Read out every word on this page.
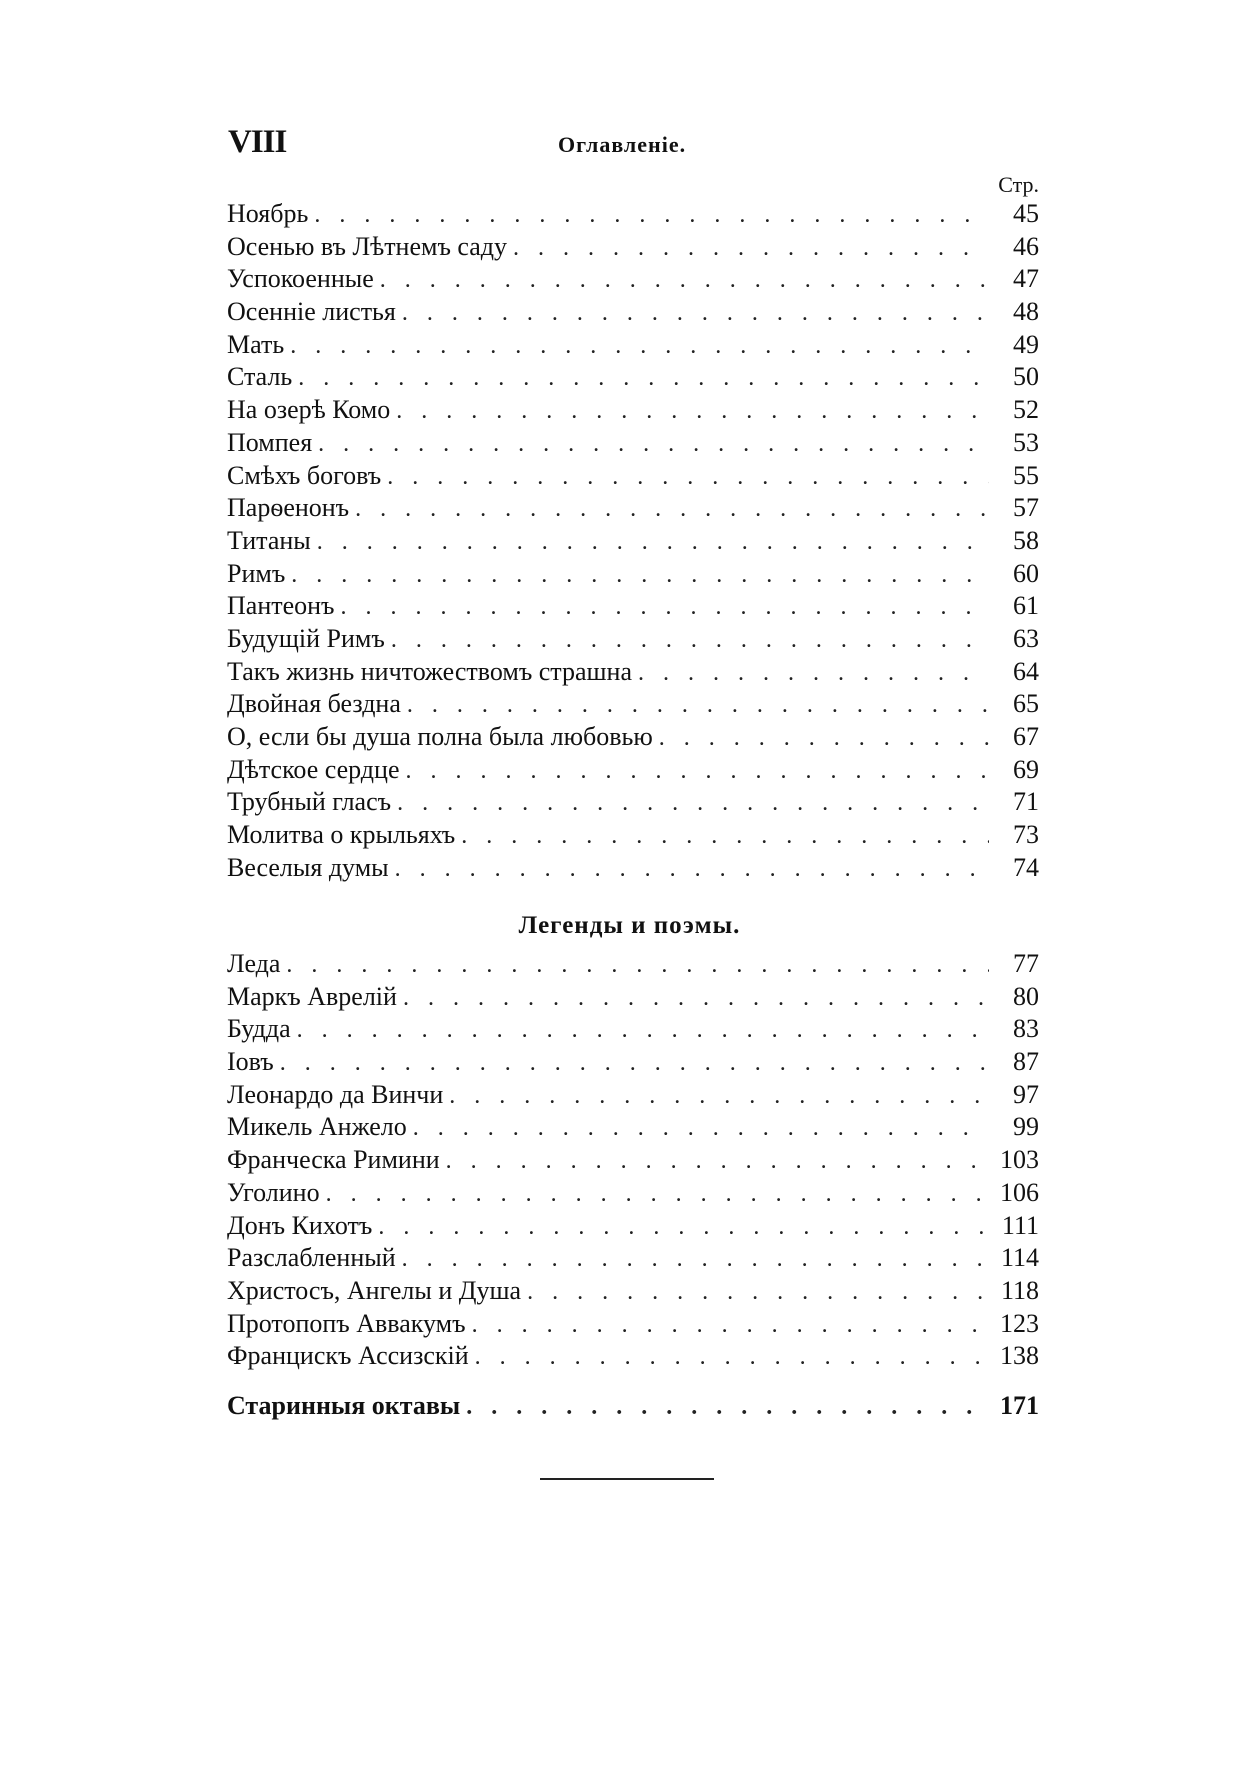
VIII	Оглавленіе.
Стр.
Ноябрь .....	45
Осенью въ Лѣтнемъ саду .....	46
Успокоенные .....	47
Осенніе листья .....	48
Мать .....	49
Сталь .....	50
На озерѣ Комо .....	52
Помпея .....	53
Смѣхъ боговъ .....	55
Парѳенонъ .....	57
Титаны .....	58
Римъ .....	60
Пантеонъ .....	61
Будущій Римъ .....	63
Такъ жизнь ничтожествомъ страшна .....	64
Двойная бездна .....	65
О, если бы душа полна была любовью .....	67
Дѣтское сердце .....	69
Трубный гласъ .....	71
Молитва о крыльяхъ .....	73
Веселыя думы .....	74
Легенды и поэмы.
Леда .....	77
Маркъ Аврелій .....	80
Будда .....	83
Іовъ .....	87
Леонардо да Винчи .....	97
Микель Анжело .....	99
Франческа Римини .....	103
Уголино .....	106
Донъ Кихотъ .....	111
Разслабленный .....	114
Христосъ, Ангелы и Душа .....	118
Протопопъ Аввакумъ .....	123
Францискъ Ассизскій .....	138
Старинныя октавы .....	171
